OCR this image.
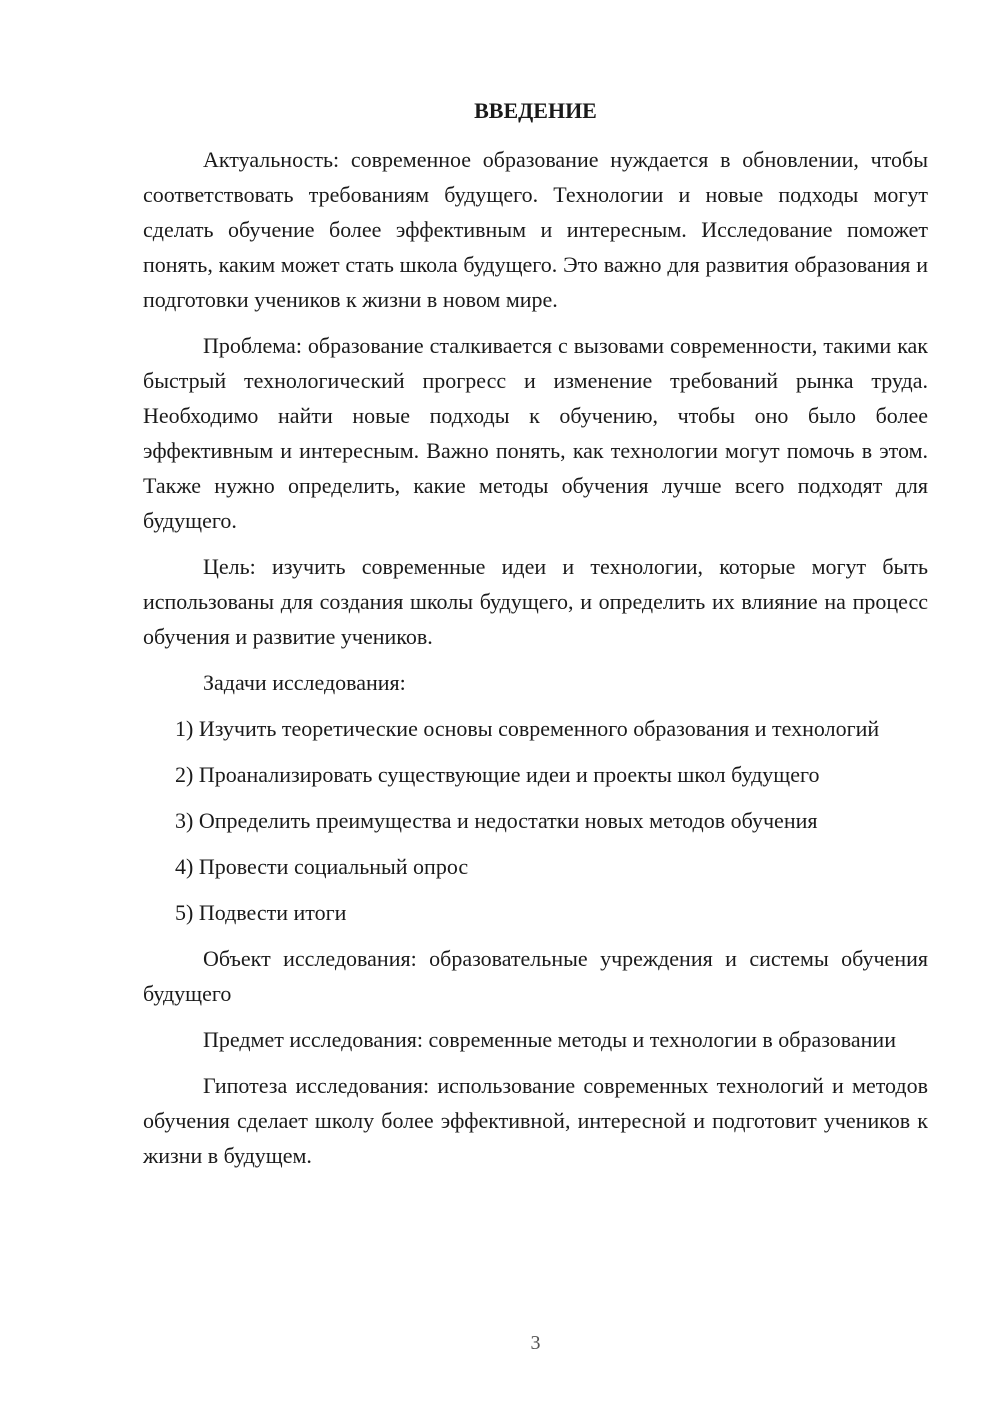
ВВЕДЕНИЕ

Актуальность: современное образование нуждается в обновлении, чтобы соответствовать требованиям будущего. Технологии и новые подходы могут сделать обучение более эффективным и интересным. Исследование поможет понять, каким может стать школа будущего. Это важно для развития образования и подготовки учеников к жизни в новом мире.

Проблема: образование сталкивается с вызовами современности, такими как быстрый технологический прогресс и изменение требований рынка труда. Необходимо найти новые подходы к обучению, чтобы оно было более эффективным и интересным. Важно понять, как технологии могут помочь в этом. Также нужно определить, какие методы обучения лучше всего подходят для будущего.

Цель: изучить современные идеи и технологии, которые могут быть использованы для создания школы будущего, и определить их влияние на процесс обучения и развитие учеников.

Задачи исследования:

1) Изучить теоретические основы современного образования и технологий

2) Проанализировать существующие идеи и проекты школ будущего

3) Определить преимущества и недостатки новых методов обучения

4) Провести социальный опрос

5) Подвести итоги

Объект исследования: образовательные учреждения и системы обучения будущего

Предмет исследования: современные методы и технологии в образовании

Гипотеза исследования: использование современных технологий и методов обучения сделает школу более эффективной, интересной и подготовит учеников к жизни в будущем.

3
